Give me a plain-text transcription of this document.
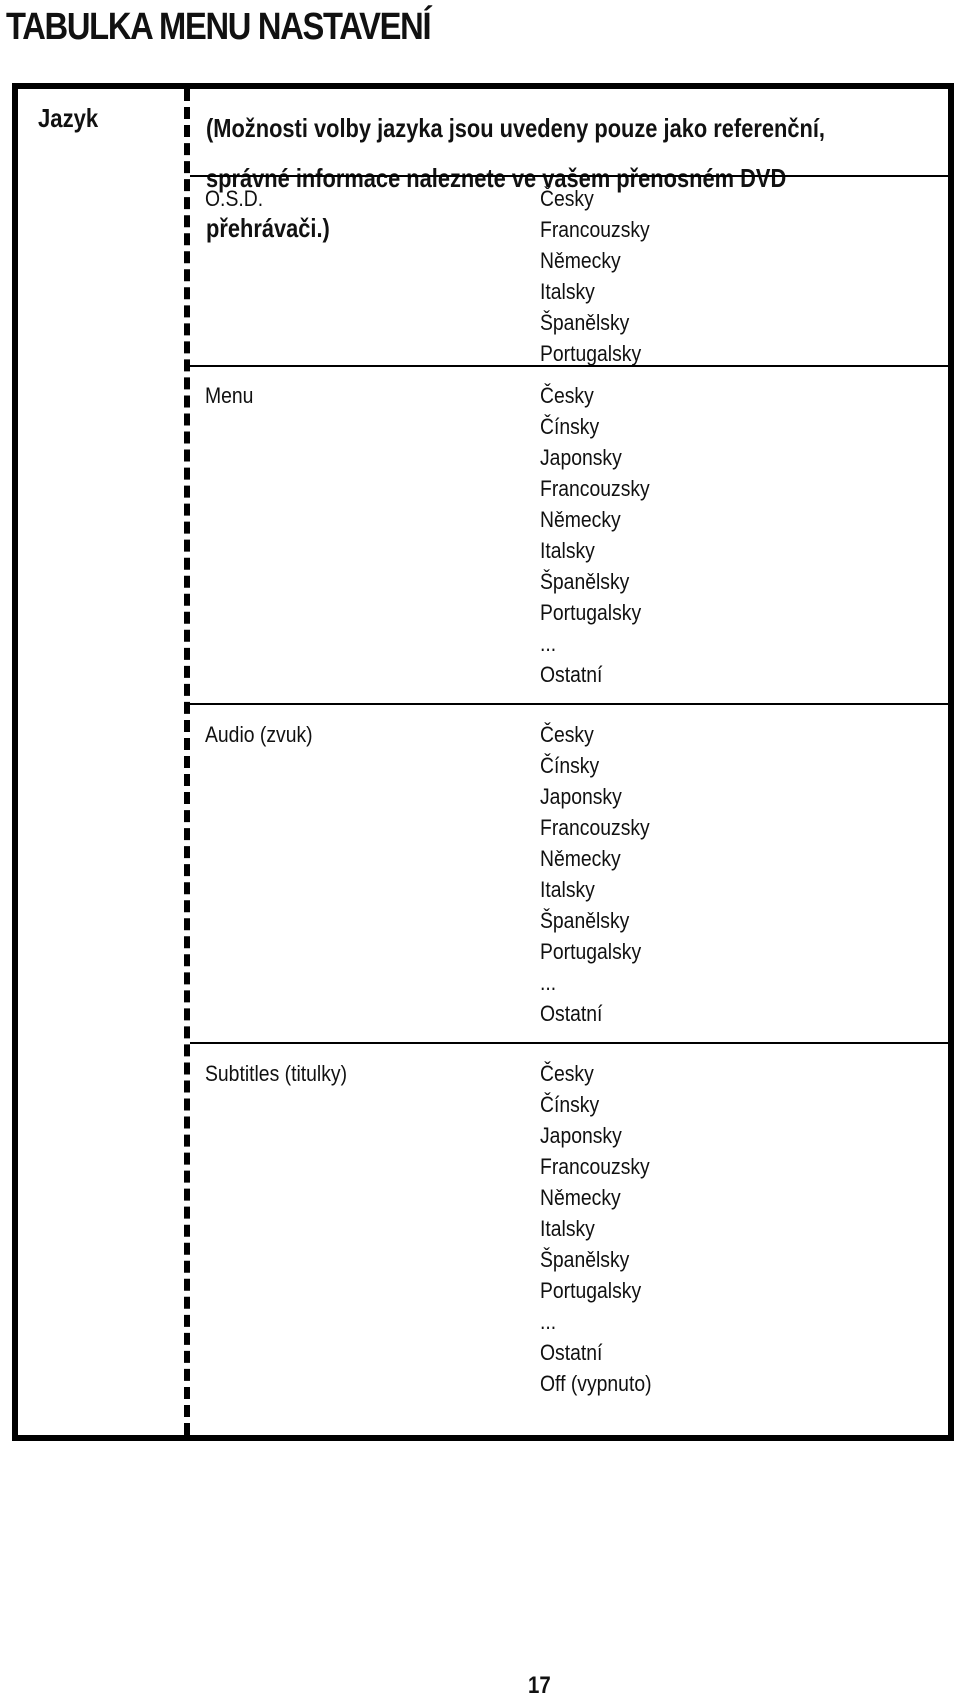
TABULKA MENU NASTAVENÍ
Jazyk	(Možnosti volby jazyka jsou uvedeny pouze jako referenční, správné informace naleznete ve vašem přenosném DVD přehrávači.)
O.S.D.	Česky
Francouzsky
Německy
Italsky
Španělsky
Portugalsky
Menu	Česky
Čínsky
Japonsky
Francouzsky
Německy
Italsky
Španělsky
Portugalsky
...
Ostatní
Audio (zvuk)	Česky
Čínsky
Japonsky
Francouzsky
Německy
Italsky
Španělsky
Portugalsky
...
Ostatní
Subtitles (titulky)	Česky
Čínsky
Japonsky
Francouzsky
Německy
Italsky
Španělsky
Portugalsky
...
Ostatní
Off (vypnuto)
17
